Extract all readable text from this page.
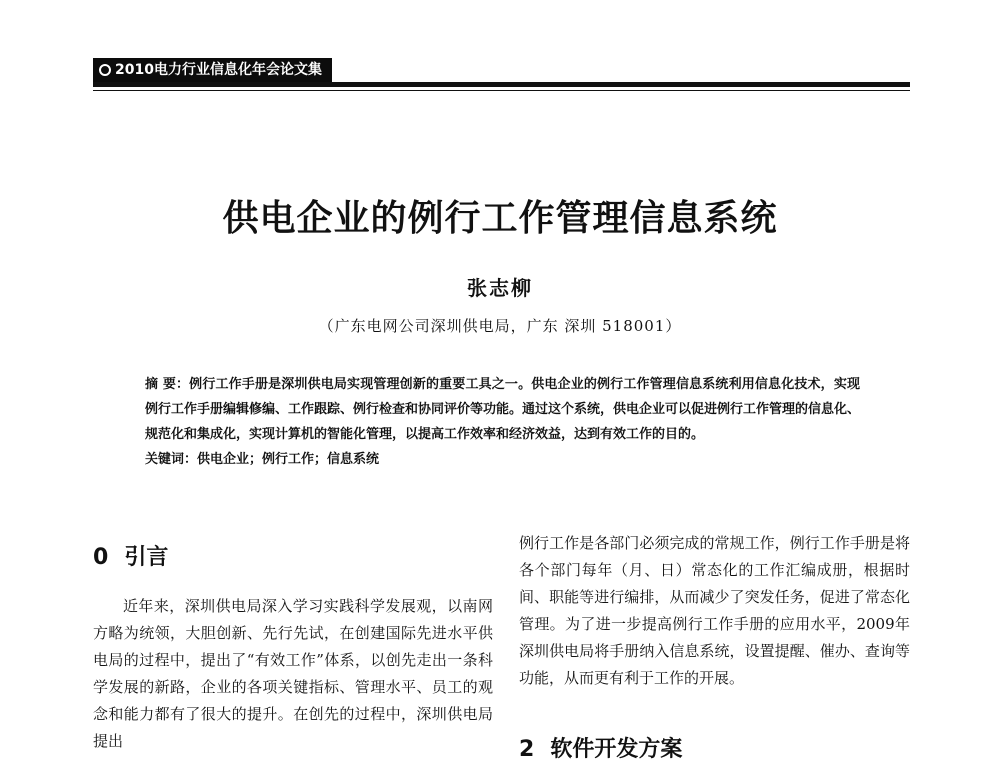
2010电力行业信息化年会论文集
供电企业的例行工作管理信息系统
张志柳
（广东电网公司深圳供电局，广东 深圳 518001）

摘 要：例行工作手册是深圳供电局实现管理创新的重要工具之一。供电企业的例行工作管理信息系统利用信息化技术，实现例行工作手册编辑修编、工作跟踪、例行检查和协同评价等功能。通过这个系统，供电企业可以促进例行工作管理的信息化、规范化和集成化，实现计算机的智能化管理，以提高工作效率和经济效益，达到有效工作的目的。

关键词：供电企业；例行工作；信息系统

0 引言

近年来，深圳供电局深入学习实践科学发展观，以南网方略为统领，大胆创新、先行先试，在创建国际先进水平供电局的过程中，提出了“有效工作”体系，以创先走出一条科学发展的新路，企业的各项关键指标、管理水平、员工的观念和能力都有了很大的提升。在创先的过程中，深圳供电局提出

例行工作是各部门必须完成的常规工作，例行工作手册是将各个部门每年（月、日）常态化的工作汇编成册，根据时间、职能等进行编排，从而减少了突发任务，促进了常态化管理。为了进一步提高例行工作手册的应用水平，2009年深圳供电局将手册纳入信息系统，设置提醒、催办、查询等功能，从而更有利于工作的开展。

2 软件开发方案
